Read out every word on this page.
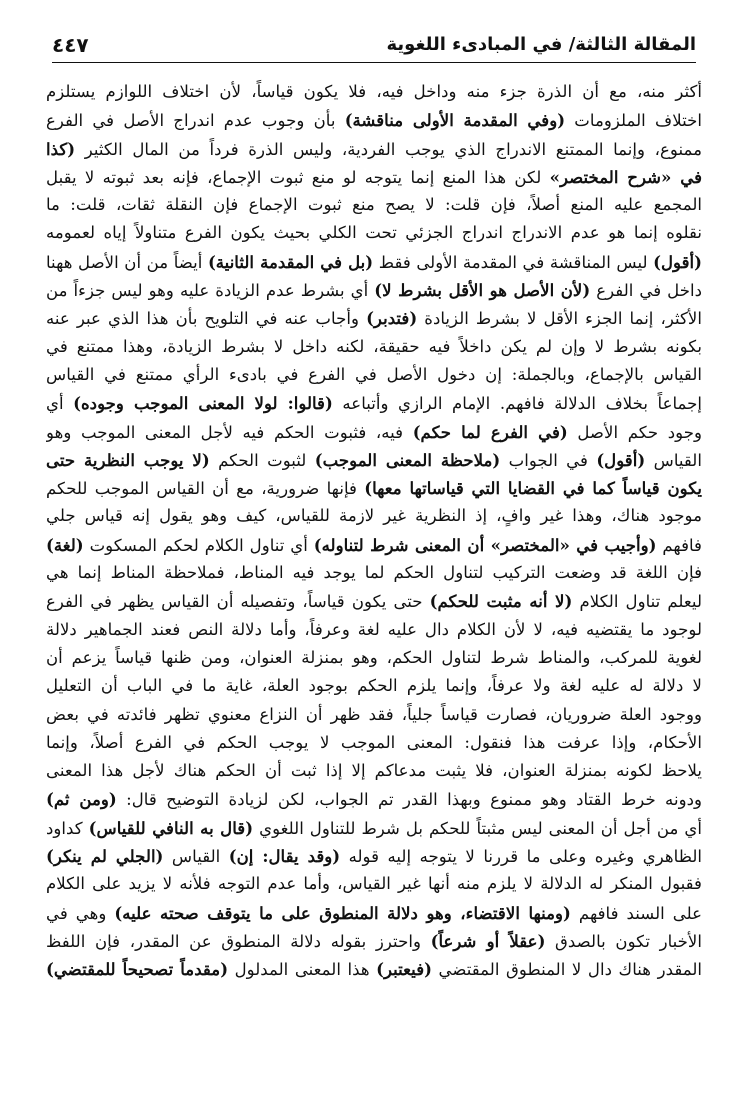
المقالة الثالثة/ في المبادىء اللغوية
٤٤٧
أكثر منه، مع أن الذرة جزء منه وداخل فيه، فلا يكون قياساً، لأن اختلاف اللوازم يستلزم
اختلاف الملزومات (وفي المقدمة الأولى مناقشة) بأن وجوب عدم اندراج الأصل في الفرع
ممنوع، وإنما الممتنع الاندراج الذي يوجب الفردية، وليس الذرة فرداً من المال الكثير (كذا
في «شرح المختصر» لكن هذا المنع إنما يتوجه لو منع ثبوت الإجماع، فإنه بعد ثبوته لا يقبل
المجمع عليه المنع أصلاً، فإن قلت: لا يصح منع ثبوت الإجماع فإن النقلة ثقات، قلت: ما
نقلوه إنما هو عدم الاندراج اندراج الجزئي تحت الكلي بحيث يكون الفرع متناولاً إياه لعمومه
(أقول) ليس المناقشة في المقدمة الأولى فقط (بل في المقدمة الثانية) أيضاً من أن الأصل ههنا
داخل في الفرع (لأن الأصل هو الأقل بشرط لا) أي بشرط عدم الزيادة عليه وهو ليس جزءاً من
الأكثر، إنما الجزء الأقل لا بشرط الزيادة (فتدبر) وأجاب عنه في التلويح بأن هذا الذي عبر عنه
بكونه بشرط لا وإن لم يكن داخلاً فيه حقيقة، لكنه داخل لا بشرط الزيادة، وهذا ممتنع في
القياس بالإجماع، وبالجملة: إن دخول الأصل في الفرع في بادىء الرأي ممتنع في القياس
إجماعاً بخلاف الدلالة فافهم. الإمام الرازي وأتباعه (قالوا: لولا المعنى الموجب وجوده) أي
وجود حكم الأصل (في الفرع لما حكم) فيه، فثبوت الحكم فيه لأجل المعنى الموجب وهو
القياس (أقول) في الجواب (ملاحظة المعنى الموجب) لثبوت الحكم (لا يوجب النظرية حتى
يكون قياساً كما في القضايا التي قياساتها معها) فإنها ضرورية، مع أن القياس الموجب للحكم
موجود هناك، وهذا غير وافٍ، إذ النظرية غير لازمة للقياس، كيف وهو يقول إنه قياس جلي
فافهم (وأجيب في «المختصر» أن المعنى شرط لتناوله) أي تناول الكلام لحكم المسكوت (لغة)
فإن اللغة قد وضعت التركيب لتناول الحكم لما يوجد فيه المناط، فملاحظة المناط إنما هي
ليعلم تناول الكلام (لا أنه مثبت للحكم) حتى يكون قياساً، وتفصيله أن القياس يظهر في الفرع
لوجود ما يقتضيه فيه، لا لأن الكلام دال عليه لغة وعرفاً، وأما دلالة النص فعند الجماهير دلالة
لغوية للمركب، والمناط شرط لتناول الحكم، وهو بمنزلة العنوان، ومن ظنها قياساً يزعم أن
لا دلالة له عليه لغة ولا عرفاً، وإنما يلزم الحكم بوجود العلة، غاية ما في الباب أن التعليل
ووجود العلة ضروريان، فصارت قياساً جلياً، فقد ظهر أن النزاع معنوي تظهر فائدته في بعض
الأحكام، وإذا عرفت هذا فنقول: المعنى الموجب لا يوجب الحكم في الفرع أصلاً، وإنما
يلاحظ لكونه بمنزلة العنوان، فلا يثبت مدعاكم إلا إذا ثبت أن الحكم هناك لأجل هذا المعنى
ودونه خرط القتاد وهو ممنوع وبهذا القدر تم الجواب، لكن لزيادة التوضيح قال: (ومن ثم)
أي من أجل أن المعنى ليس مثبتاً للحكم بل شرط للتناول اللغوي (قال به النافي للقياس) كداود
الظاهري وغيره وعلى ما قررنا لا يتوجه إليه قوله (وقد يقال: إن) القياس (الجلي لم ينكر)
فقبول المنكر له الدلالة لا يلزم منه أنها غير القياس، وأما عدم التوجه فلأنه لا يزيد على الكلام
على السند فافهم (ومنها الاقتضاء، وهو دلالة المنطوق على ما يتوقف صحته عليه) وهي في
الأخبار تكون بالصدق (عقلاً أو شرعاً) واحترز بقوله دلالة المنطوق عن المقدر، فإن اللفظ
المقدر هناك دال لا المنطوق المقتضي (فيعتبر) هذا المعنى المدلول (مقدماً تصحيحاً للمقتضي)
